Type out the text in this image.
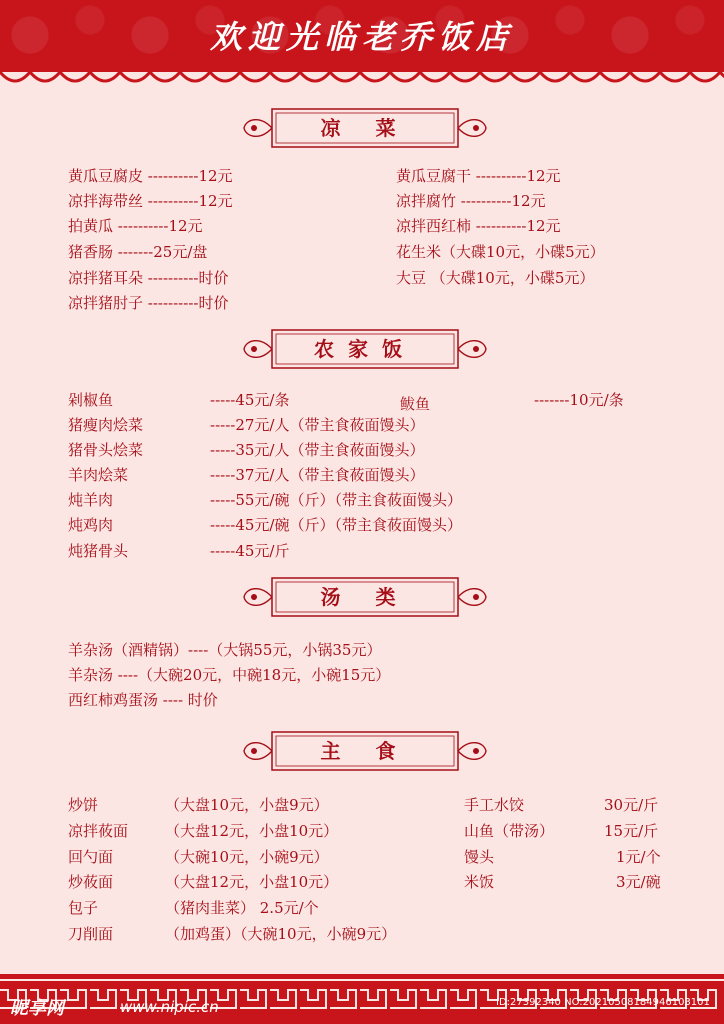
欢迎光临老乔饭店
凉 菜
黄瓜豆腐皮 ----------12元
凉拌海带丝 ----------12元
拍黄瓜 ----------12元
猪香肠 -------25元/盘
凉拌猪耳朵 ----------时价
凉拌猪肘子 ----------时价
黄瓜豆腐干 ----------12元
凉拌腐竹 ----------12元
凉拌西红柿 ----------12元
花生米（大碟10元，小碟5元）
大豆 （大碟10元，小碟5元）
农家饭
剁椒鱼	-----45元/条	鲅鱼	-------10元/条
猪瘦肉烩菜	-----27元/人（带主食莜面馒头）
猪骨头烩菜	-----35元/人（带主食莜面馒头）
羊肉烩菜	-----37元/人（带主食莜面馒头）
炖羊肉	-----55元/碗（斤）（带主食莜面馒头）
炖鸡肉	-----45元/碗（斤）（带主食莜面馒头）
炖猪骨头	-----45元/斤
汤 类
羊杂汤（酒精锅）----（大锅55元，小锅35元）
羊杂汤 ----（大碗20元，中碗18元，小碗15元）
西红柿鸡蛋汤 ---- 时价
主 食
炒饼	（大盘10元，小盘9元）
凉拌莜面 （大盘12元，小盘10元）
回勺面	（大碗10元，小碗9元）
炒莜面	（大盘12元，小盘10元）
包子	（猪肉韭菜） 2.5元/个
刀削面	（加鸡蛋）（大碗10元，小碗9元）
手工水饺	30元/斤
山鱼（带汤）	15元/斤
馒头	1元/个
米饭	3元/碗
昵享网	www.nipic.cn	ID:27392340 NO:20210508184946103101
